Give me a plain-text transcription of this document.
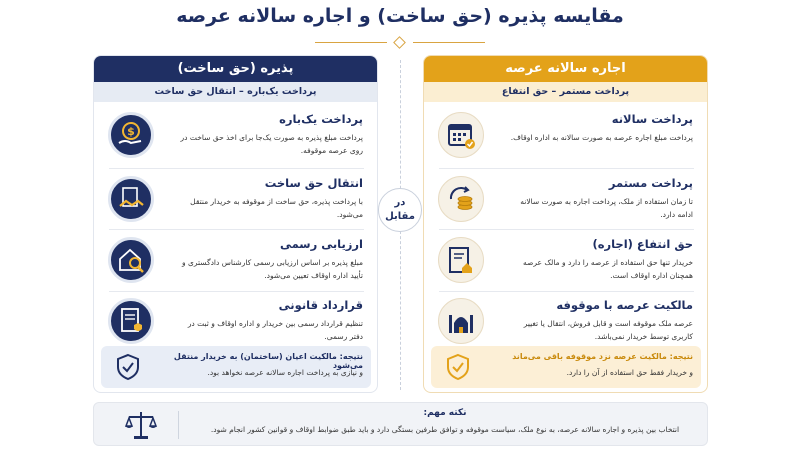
مقایسه پذیره (حق ساخت) و اجاره سالانه عرصه
پذیره (حق ساخت)
پرداخت یک‌باره – انتقال حق ساخت
$
پرداخت یک‌باره
پرداخت مبلغ پذیره به صورت یک‌جا برای اخذ حق ساخت در روی عرصه موقوفه.
انتقال حق ساخت
با پرداخت پذیره، حق ساخت از موقوفه به خریدار منتقل می‌شود.
ارزیابی رسمی
مبلغ پذیره بر اساس ارزیابی رسمی کارشناس دادگستری و تأیید اداره اوقاف تعیین می‌شود.
قرارداد قانونی
تنظیم قرارداد رسمی بین خریدار و اداره اوقاف و ثبت در دفتر رسمی.
نتیجه: مالکیت اعیان (ساختمان) به خریدار منتقل می‌شود
و نیازی به پرداخت اجاره سالانه عرصه نخواهد بود.
در
مقابل
اجاره سالانه عرصه
پرداخت مستمر – حق انتفاع
پرداخت سالانه
پرداخت مبلغ اجاره عرصه به صورت سالانه به اداره اوقاف.
پرداخت مستمر
تا زمان استفاده از ملک، پرداخت اجاره به صورت سالانه ادامه دارد.
حق انتفاع (اجاره)
خریدار تنها حق استفاده از عرصه را دارد و مالک عرصه همچنان اداره اوقاف است.
مالکیت عرصه با موقوفه
عرصه ملک موقوفه است و قابل فروش، انتقال یا تغییر کاربری توسط خریدار نمی‌باشد.
نتیجه: مالکیت عرصه نزد موقوفه باقی می‌ماند
و خریدار فقط حق استفاده از آن را دارد.
نکته مهم:
انتخاب بین پذیره و اجاره سالانه عرصه، به نوع ملک، سیاست موقوفه و توافق طرفین بستگی دارد و باید طبق ضوابط اوقاف و قوانین کشور انجام شود.
